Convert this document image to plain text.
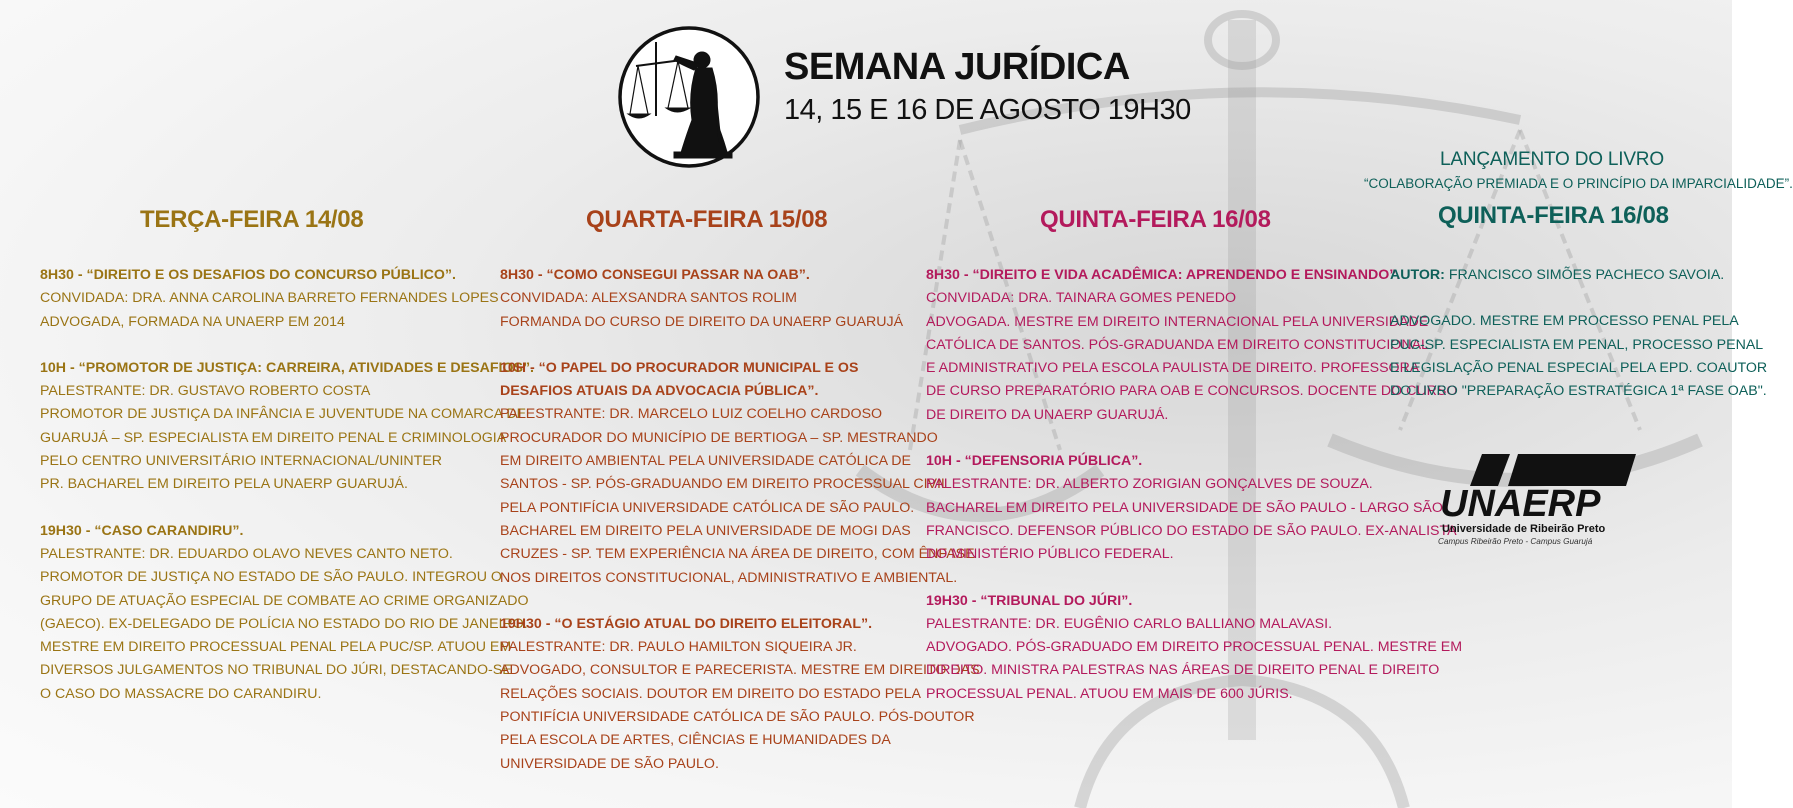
SEMANA JURÍDICA
14, 15 E 16 DE AGOSTO 19H30
TERÇA-FEIRA 14/08
8H30 - “DIREITO E OS DESAFIOS DO CONCURSO PÚBLICO”.
CONVIDADA: DRA. ANNA CAROLINA BARRETO FERNANDES LOPES
ADVOGADA, FORMADA NA UNAERP EM 2014
10H - “PROMOTOR DE JUSTIÇA: CARREIRA, ATIVIDADES E DESAFIOS”.
PALESTRANTE: DR. GUSTAVO ROBERTO COSTA
PROMOTOR DE JUSTIÇA DA INFÂNCIA E JUVENTUDE NA COMARCA DE
GUARUJÁ – SP. ESPECIALISTA EM DIREITO PENAL E CRIMINOLOGIA
PELO CENTRO UNIVERSITÁRIO INTERNACIONAL/UNINTER
PR. BACHAREL EM DIREITO PELA UNAERP GUARUJÁ.
19H30 - “CASO CARANDIRU”.
PALESTRANTE: DR. EDUARDO OLAVO NEVES CANTO NETO.
PROMOTOR DE JUSTIÇA NO ESTADO DE SÃO PAULO. INTEGROU O
GRUPO DE ATUAÇÃO ESPECIAL DE COMBATE AO CRIME ORGANIZADO
(GAECO). EX-DELEGADO DE POLÍCIA NO ESTADO DO RIO DE JANEIRO.
MESTRE EM DIREITO PROCESSUAL PENAL PELA PUC/SP. ATUOU EM
DIVERSOS JULGAMENTOS NO TRIBUNAL DO JÚRI, DESTACANDO-SE
O CASO DO MASSACRE DO CARANDIRU.
QUARTA-FEIRA 15/08
8H30 - “COMO CONSEGUI PASSAR NA OAB”.
CONVIDADA: ALEXSANDRA SANTOS ROLIM
FORMANDA DO CURSO DE DIREITO DA UNAERP GUARUJÁ
10H - “O PAPEL DO PROCURADOR MUNICIPAL E OS
DESAFIOS ATUAIS DA ADVOCACIA PÚBLICA”.
PALESTRANTE: DR. MARCELO LUIZ COELHO CARDOSO
PROCURADOR DO MUNICÍPIO DE BERTIOGA – SP. MESTRANDO
EM DIREITO AMBIENTAL PELA UNIVERSIDADE CATÓLICA DE
SANTOS - SP. PÓS-GRADUANDO EM DIREITO PROCESSUAL CIVIL
PELA PONTIFÍCIA UNIVERSIDADE CATÓLICA DE SÃO PAULO.
BACHAREL EM DIREITO PELA UNIVERSIDADE DE MOGI DAS
CRUZES - SP. TEM EXPERIÊNCIA NA ÁREA DE DIREITO, COM ÊNFASE
NOS DIREITOS CONSTITUCIONAL, ADMINISTRATIVO E AMBIENTAL.
19H30 - “O ESTÁGIO ATUAL DO DIREITO ELEITORAL”.
PALESTRANTE: DR. PAULO HAMILTON SIQUEIRA JR.
ADVOGADO, CONSULTOR E PARECERISTA. MESTRE EM DIREITO DAS
RELAÇÕES SOCIAIS. DOUTOR EM DIREITO DO ESTADO PELA
PONTIFÍCIA UNIVERSIDADE CATÓLICA DE SÃO PAULO. PÓS-DOUTOR
PELA ESCOLA DE ARTES, CIÊNCIAS E HUMANIDADES DA
UNIVERSIDADE DE SÃO PAULO.
QUINTA-FEIRA 16/08
8H30 - “DIREITO E VIDA ACADÊMICA: APRENDENDO E ENSINANDO”.
CONVIDADA: DRA. TAINARA GOMES PENEDO
ADVOGADA. MESTRE EM DIREITO INTERNACIONAL PELA UNIVERSIDADE
CATÓLICA DE SANTOS. PÓS-GRADUANDA EM DIREITO CONSTITUCIONAL
E ADMINISTRATIVO PELA ESCOLA PAULISTA DE DIREITO. PROFESSORA
DE CURSO PREPARATÓRIO PARA OAB E CONCURSOS. DOCENTE DO CURSO
DE DIREITO DA UNAERP GUARUJÁ.
10H - “DEFENSORIA PÚBLICA”.
PALESTRANTE: DR. ALBERTO ZORIGIAN GONÇALVES DE SOUZA.
BACHAREL EM DIREITO PELA UNIVERSIDADE DE SÃO PAULO - LARGO SÃO
FRANCISCO. DEFENSOR PÚBLICO DO ESTADO DE SÃO PAULO. EX-ANALISTA
DO MINISTÉRIO PÚBLICO FEDERAL.
19H30 - “TRIBUNAL DO JÚRI”.
PALESTRANTE: DR. EUGÊNIO CARLO BALLIANO MALAVASI.
ADVOGADO. PÓS-GRADUADO EM DIREITO PROCESSUAL PENAL. MESTRE EM
DIREITO. MINISTRA PALESTRAS NAS ÁREAS DE DIREITO PENAL E DIREITO
PROCESSUAL PENAL. ATUOU EM MAIS DE 600 JÚRIS.
LANÇAMENTO DO LIVRO
“COLABORAÇÃO PREMIADA E O PRINCÍPIO DA IMPARCIALIDADE”.
QUINTA-FEIRA 16/08
AUTOR: FRANCISCO SIMÕES PACHECO SAVOIA.
ADVOGADO. MESTRE EM PROCESSO PENAL PELA
PUC-SP. ESPECIALISTA EM PENAL, PROCESSO PENAL
E LEGISLAÇÃO PENAL ESPECIAL PELA EPD. COAUTOR
DO LIVRO "PREPARAÇÃO ESTRATÉGICA 1ª FASE OAB".
UNAERP
Universidade de Ribeirão Preto
Campus Ribeirão Preto - Campus Guarujá
